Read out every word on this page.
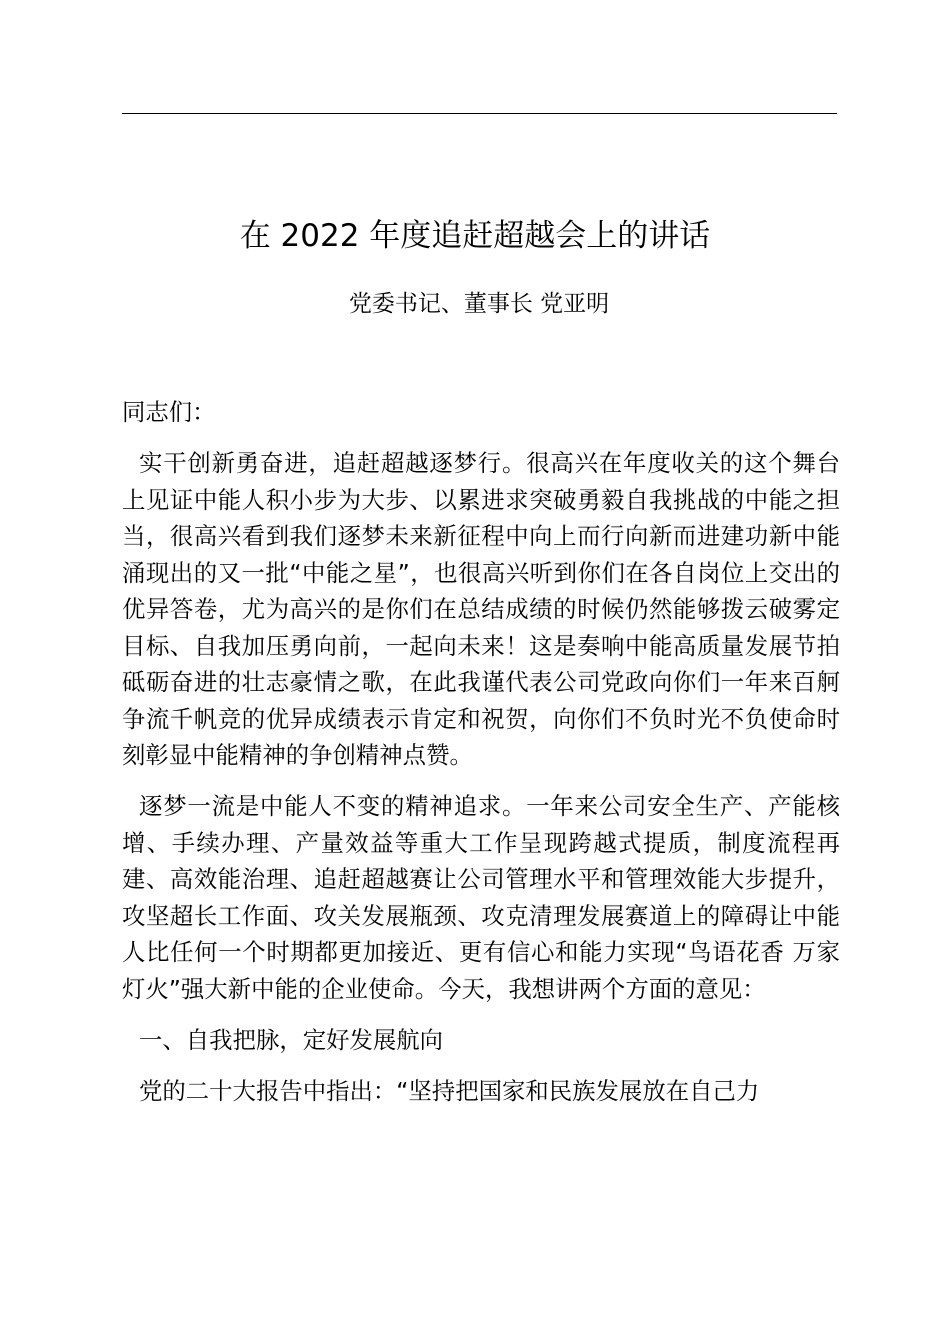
在 2022 年度追赶超越会上的讲话
党委书记、董事长 党亚明

同志们：

实干创新勇奋进，追赶超越逐梦行。很高兴在年度收关的这个舞台上见证中能人积小步为大步、以累进求突破勇毅自我挑战的中能之担当，很高兴看到我们逐梦未来新征程中向上而行向新而进建功新中能涌现出的又一批“中能之星”，也很高兴听到你们在各自岗位上交出的优异答卷，尤为高兴的是你们在总结成绩的时候仍然能够拨云破雾定目标、自我加压勇向前，一起向未来！这是奏响中能高质量发展节拍砥砺奋进的壮志豪情之歌，在此我谨代表公司党政向你们一年来百舸争流千帆竞的优异成绩表示肯定和祝贺，向你们不负时光不负使命时刻彰显中能精神的争创精神点赞。

逐梦一流是中能人不变的精神追求。一年来公司安全生产、产能核增、手续办理、产量效益等重大工作呈现跨越式提质，制度流程再建、高效能治理、追赶超越赛让公司管理水平和管理效能大步提升，攻坚超长工作面、攻关发展瓶颈、攻克清理发展赛道上的障碍让中能人比任何一个时期都更加接近、更有信心和能力实现“鸟语花香 万家灯火”强大新中能的企业使命。今天，我想讲两个方面的意见：

一、自我把脉，定好发展航向

党的二十大报告中指出：“坚持把国家和民族发展放在自己力
